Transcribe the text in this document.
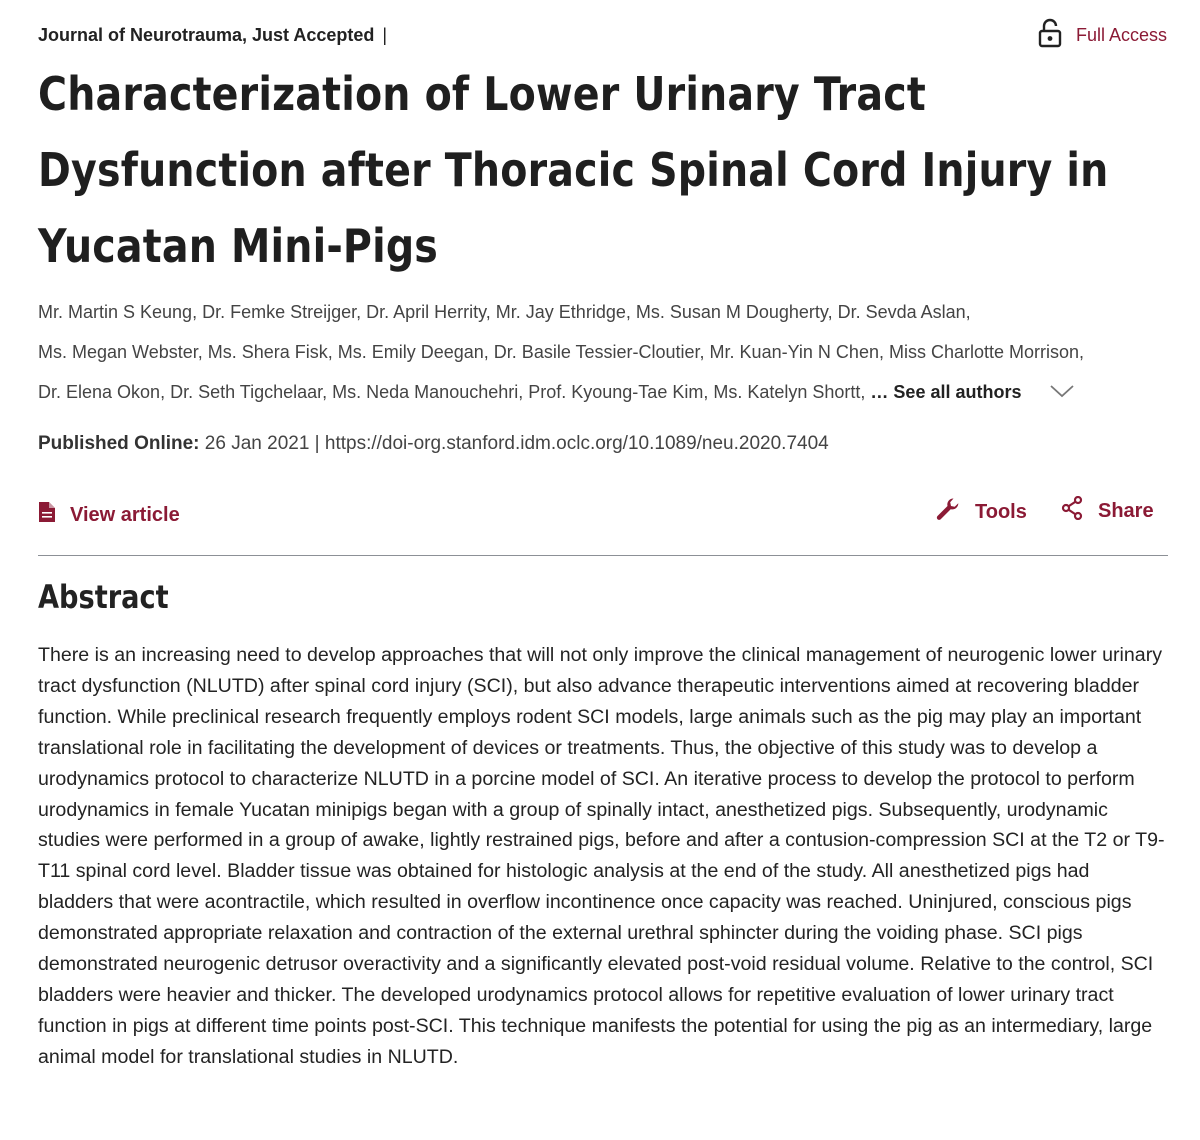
Journal of Neurotrauma, Just Accepted |	Full Access
Characterization of Lower Urinary Tract Dysfunction after Thoracic Spinal Cord Injury in Yucatan Mini-Pigs
Mr. Martin S Keung, Dr. Femke Streijger, Dr. April Herrity, Mr. Jay Ethridge, Ms. Susan M Dougherty, Dr. Sevda Aslan,
Ms. Megan Webster, Ms. Shera Fisk, Ms. Emily Deegan, Dr. Basile Tessier-Cloutier, Mr. Kuan-Yin N Chen, Miss Charlotte Morrison,
Dr. Elena Okon, Dr. Seth Tigchelaar, Ms. Neda Manouchehri, Prof. Kyoung-Tae Kim, Ms. Katelyn Shortt, … See all authors
Published Online: 26 Jan 2021 | https://doi-org.stanford.idm.oclc.org/10.1089/neu.2020.7404
View article	Tools	Share
Abstract

There is an increasing need to develop approaches that will not only improve the clinical management of neurogenic lower urinary tract dysfunction (NLUTD) after spinal cord injury (SCI), but also advance therapeutic interventions aimed at recovering bladder function. While preclinical research frequently employs rodent SCI models, large animals such as the pig may play an important translational role in facilitating the development of devices or treatments. Thus, the objective of this study was to develop a urodynamics protocol to characterize NLUTD in a porcine model of SCI. An iterative process to develop the protocol to perform urodynamics in female Yucatan minipigs began with a group of spinally intact, anesthetized pigs. Subsequently, urodynamic studies were performed in a group of awake, lightly restrained pigs, before and after a contusion-compression SCI at the T2 or T9-T11 spinal cord level. Bladder tissue was obtained for histologic analysis at the end of the study. All anesthetized pigs had bladders that were acontractile, which resulted in overflow incontinence once capacity was reached. Uninjured, conscious pigs demonstrated appropriate relaxation and contraction of the external urethral sphincter during the voiding phase. SCI pigs demonstrated neurogenic detrusor overactivity and a significantly elevated post-void residual volume. Relative to the control, SCI bladders were heavier and thicker. The developed urodynamics protocol allows for repetitive evaluation of lower urinary tract function in pigs at different time points post-SCI. This technique manifests the potential for using the pig as an intermediary, large animal model for translational studies in NLUTD.
